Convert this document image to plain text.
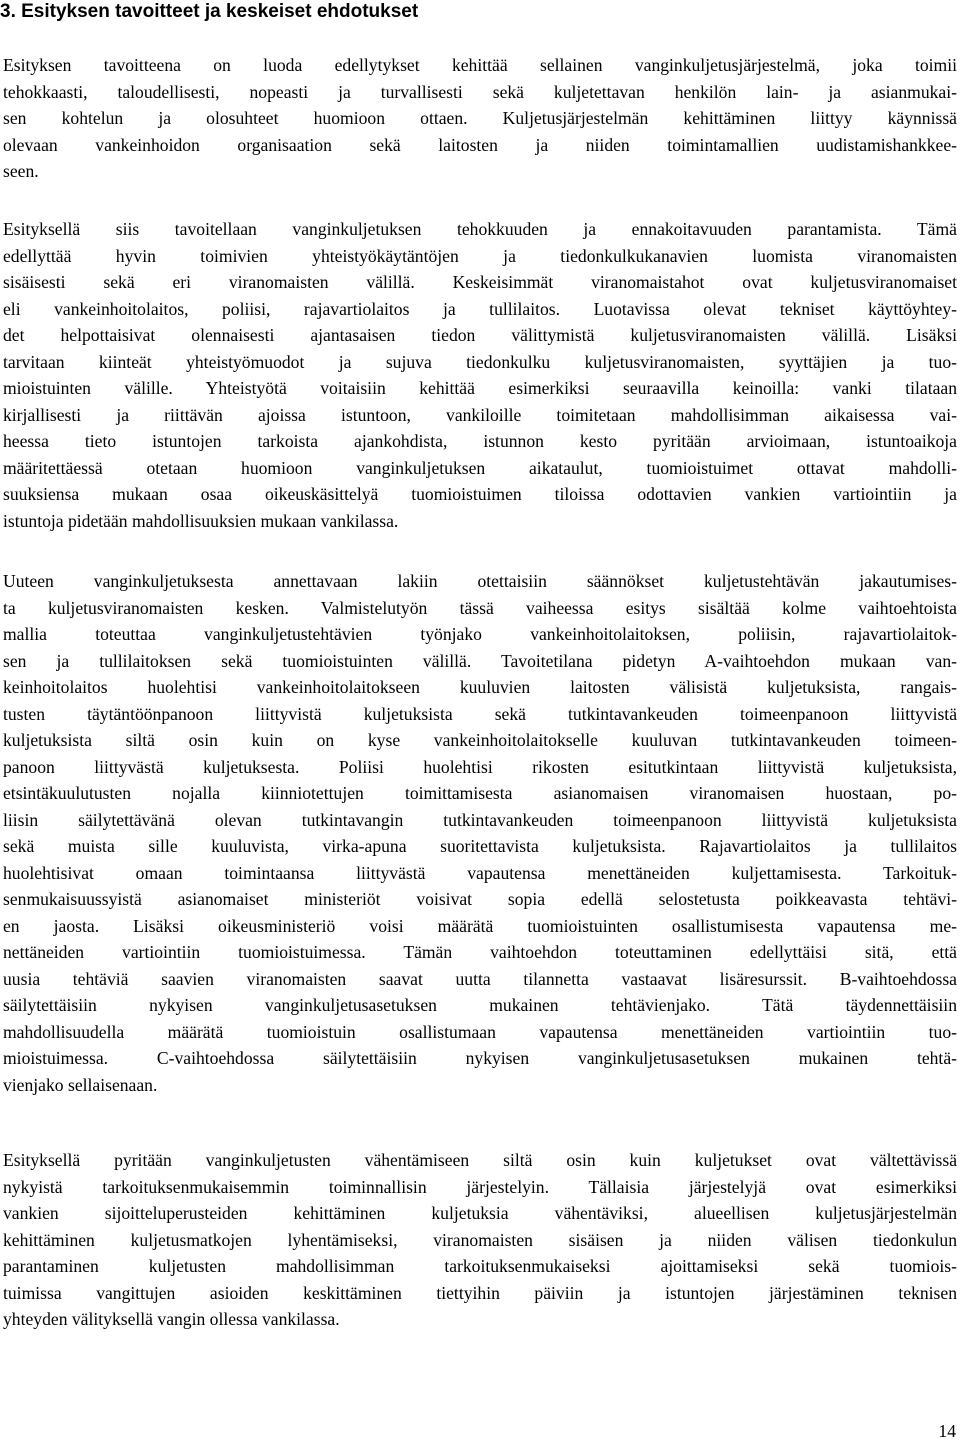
3. Esityksen tavoitteet ja keskeiset ehdotukset
Esityksen tavoitteena on luoda edellytykset kehittää sellainen vanginkuljetusjärjestelmä, joka toimii
tehokkaasti, taloudellisesti, nopeasti ja turvallisesti sekä kuljetettavan henkilön lain- ja asianmukai-
sen kohtelun ja olosuhteet huomioon ottaen. Kuljetusjärjestelmän kehittäminen liittyy käynnissä
olevaan vankeinhoidon organisaation sekä laitosten ja niiden toimintamallien uudistamishankkee-
seen.
Esityksellä siis tavoitellaan vanginkuljetuksen tehokkuuden ja ennakoitavuuden parantamista. Tämä
edellyttää hyvin toimivien yhteistyökäytäntöjen ja tiedonkulkukanavien luomista viranomaisten
sisäisesti sekä eri viranomaisten välillä. Keskeisimmät viranomaistahot ovat kuljetusviranomaiset
eli vankeinhoitolaitos, poliisi, rajavartiolaitos ja tullilaitos. Luotavissa olevat tekniset käyttöyhtey-
det helpottaisivat olennaisesti ajantasaisen tiedon välittymistä kuljetusviranomaisten välillä. Lisäksi
tarvitaan kiinteät yhteistyömuodot ja sujuva tiedonkulku kuljetusviranomaisten, syyttäjien ja tuo-
mioistuinten välille. Yhteistyötä voitaisiin kehittää esimerkiksi seuraavilla keinoilla: vanki tilataan
kirjallisesti ja riittävän ajoissa istuntoon, vankiloille toimitetaan mahdollisimman aikaisessa vai-
heessa tieto istuntojen tarkoista ajankohdista, istunnon kesto pyritään arvioimaan, istuntoaikoja
määritettäessä otetaan huomioon vanginkuljetuksen aikataulut, tuomioistuimet ottavat mahdolli-
suuksiensa mukaan osaa oikeuskäsittelyä tuomioistuimen tiloissa odottavien vankien vartiointiin ja
istuntoja pidetään mahdollisuuksien mukaan vankilassa.
Uuteen vanginkuljetuksesta annettavaan lakiin otettaisiin säännökset kuljetustehtävän jakautumises-
ta kuljetusviranomaisten kesken. Valmistelutyön tässä vaiheessa esitys sisältää kolme vaihtoehtoista
mallia toteuttaa vanginkuljetustehtävien työnjako vankeinhoitolaitoksen, poliisin, rajavartiolaitok-
sen ja tullilaitoksen sekä tuomioistuinten välillä. Tavoitetilana pidetyn A-vaihtoehdon mukaan van-
keinhoitolaitos huolehtisi vankeinhoitolaitokseen kuuluvien laitosten välisistä kuljetuksista, rangais-
tusten täytäntöönpanoon liittyvistä kuljetuksista sekä tutkintavankeuden toimeenpanoon liittyvistä
kuljetuksista siltä osin kuin on kyse vankeinhoitolaitokselle kuuluvan tutkintavankeuden toimeen-
panoon liittyvästä kuljetuksesta. Poliisi huolehtisi rikosten esitutkintaan liittyvistä kuljetuksista,
etsintäkuulutusten nojalla kiinniotettujen toimittamisesta asianomaisen viranomaisen huostaan, po-
liisin säilytettävänä olevan tutkintavangin tutkintavankeuden toimeenpanoon liittyvistä kuljetuksista
sekä muista sille kuuluvista, virka-apuna suoritettavista kuljetuksista. Rajavartiolaitos ja tullilaitos
huolehtisivat omaan toimintaansa liittyvästä vapautensa menettäneiden kuljettamisesta. Tarkoituk-
senmukaisuussyistä asianomaiset ministeriöt voisivat sopia edellä selostetusta poikkeavasta tehtävi-
en jaosta. Lisäksi oikeusministeriö voisi määrätä tuomioistuinten osallistumisesta vapautensa me-
nettäneiden vartiointiin tuomioistuimessa. Tämän vaihtoehdon toteuttaminen edellyttäisi sitä, että
uusia tehtäviä saavien viranomaisten saavat uutta tilannetta vastaavat lisäresurssit. B-vaihtoehdossa
säilytettäisiin nykyisen vanginkuljetusasetuksen mukainen tehtävienjako. Tätä täydennettäisiin
mahdollisuudella määrätä tuomioistuin osallistumaan vapautensa menettäneiden vartiointiin tuo-
mioistuimessa. C-vaihtoehdossa säilytettäisiin nykyisen vanginkuljetusasetuksen mukainen tehtä-
vienjako sellaisenaan.
Esityksellä pyritään vanginkuljetusten vähentämiseen siltä osin kuin kuljetukset ovat vältettävissä
nykyistä tarkoituksenmukaisemmin toiminnallisin järjestelyin. Tällaisia järjestelyjä ovat esimerkiksi
vankien sijoitteluperusteiden kehittäminen kuljetuksia vähentäviksi, alueellisen kuljetusjärjestelmän
kehittäminen kuljetusmatkojen lyhentämiseksi, viranomaisten sisäisen ja niiden välisen tiedonkulun
parantaminen kuljetusten mahdollisimman tarkoituksenmukaiseksi ajoittamiseksi sekä tuomiois-
tuimissa vangittujen asioiden keskittäminen tiettyihin päiviin ja istuntojen järjestäminen teknisen
yhteyden välityksellä vangin ollessa vankilassa.
14
